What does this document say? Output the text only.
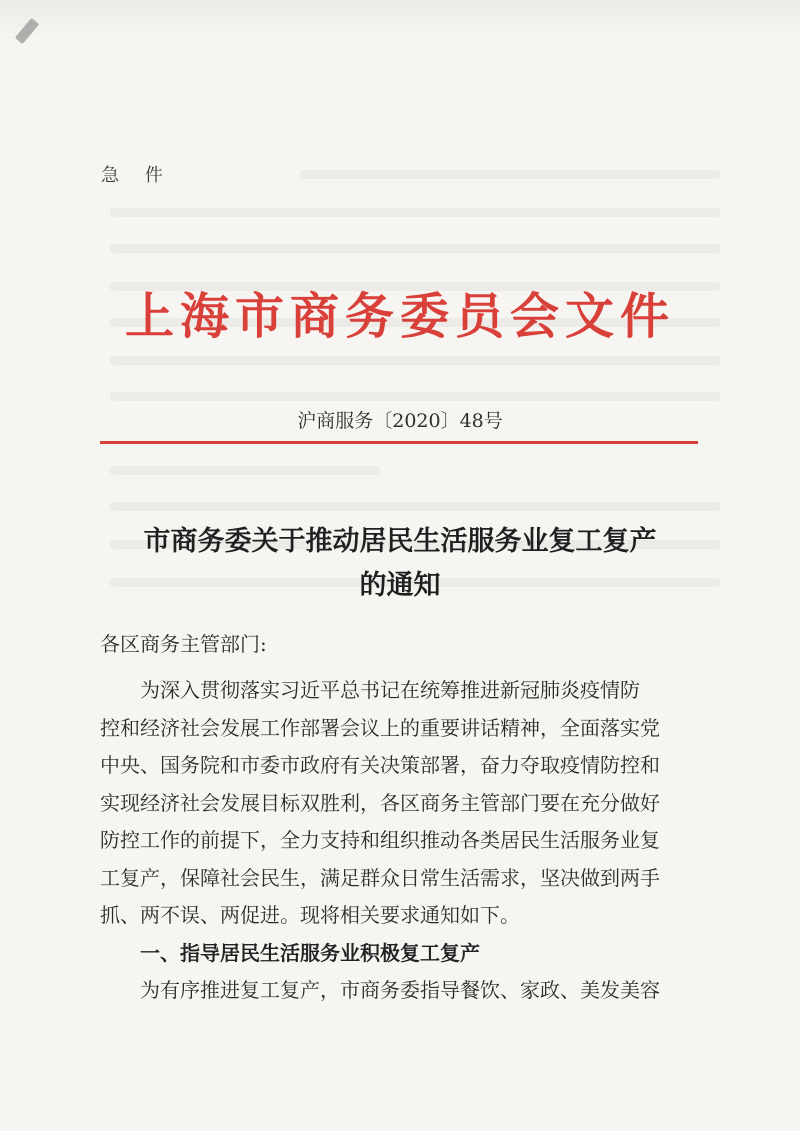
急 件
上海市商务委员会文件
沪商服务〔2020〕48号
市商务委关于推动居民生活服务业复工复产
的通知
各区商务主管部门:
为深入贯彻落实习近平总书记在统筹推进新冠肺炎疫情防
控和经济社会发展工作部署会议上的重要讲话精神，全面落实党
中央、国务院和市委市政府有关决策部署，奋力夺取疫情防控和
实现经济社会发展目标双胜利，各区商务主管部门要在充分做好
防控工作的前提下，全力支持和组织推动各类居民生活服务业复
工复产，保障社会民生，满足群众日常生活需求，坚决做到两手
抓、两不误、两促进。现将相关要求通知如下。
一、指导居民生活服务业积极复工复产
为有序推进复工复产，市商务委指导餐饮、家政、美发美容
